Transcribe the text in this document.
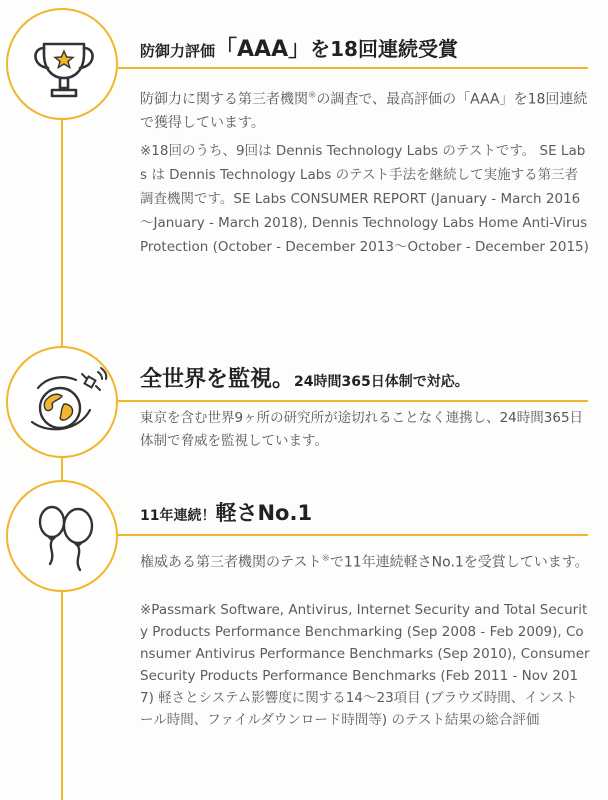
防御力評価「AAA」を18回連続受賞
防御力に関する第三者機関※の調査で、最高評価の「AAA」を18回連続で獲得しています。
※18回のうち、9回は Dennis Technology Labs のテストです。 SE Labs は Dennis Technology Labs のテスト手法を継続して実施する第三者調査機関です。SE Labs CONSUMER REPORT (January - March 2016～January - March 2018), Dennis Technology Labs Home Anti-Virus Protection (October - December 2013～October - December 2015)
全世界を監視。24時間365日体制で対応。
東京を含む世界9ヶ所の研究所が途切れることなく連携し、24時間365日体制で脅威を監視しています。
11年連続！軽さNo.1
権威ある第三者機関のテスト※で11年連続軽さNo.1を受賞しています。
※Passmark Software, Antivirus, Internet Security and Total Security Products Performance Benchmarking (Sep 2008 - Feb 2009), Consumer Antivirus Performance Benchmarks (Sep 2010), Consumer Security Products Performance Benchmarks (Feb 2011 - Nov 2017) 軽さとシステム影響度に関する14～23項目 (ブラウズ時間、インストール時間、ファイルダウンロード時間等) のテスト結果の総合評価
